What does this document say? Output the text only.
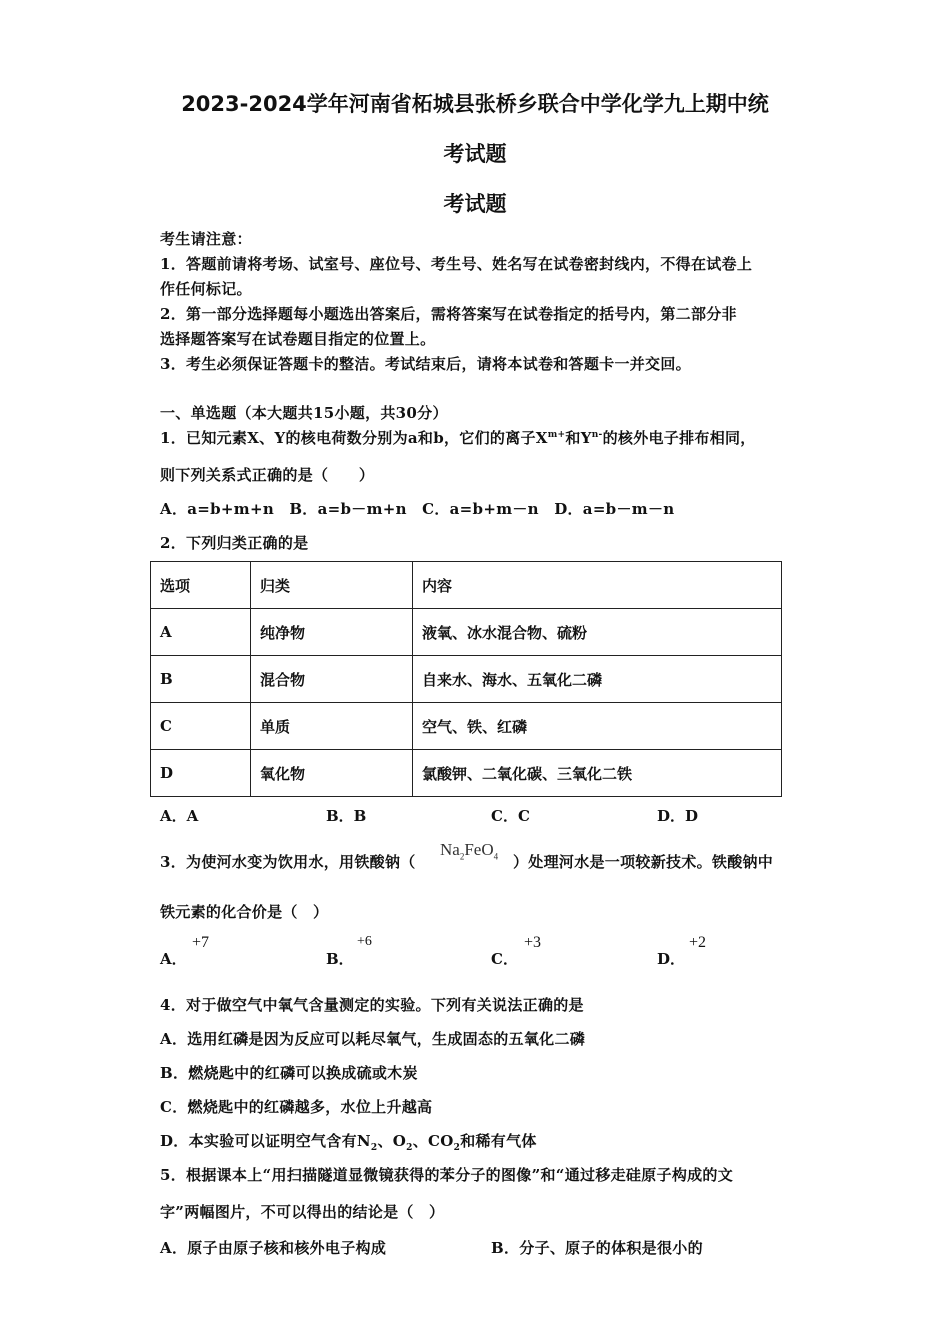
2023-2024学年河南省柘城县张桥乡联合中学化学九上期中统
考试题
考试题
考生请注意：
1．答题前请将考场、试室号、座位号、考生号、姓名写在试卷密封线内，不得在试卷上
作任何标记。
2．第一部分选择题每小题选出答案后，需将答案写在试卷指定的括号内，第二部分非
选择题答案写在试卷题目指定的位置上。
3．考生必须保证答题卡的整洁。考试结束后，请将本试卷和答题卡一并交回。
一、单选题（本大题共15小题，共30分）
1．已知元素X、Y的核电荷数分别为a和b，它们的离子$X^{m+}$和$Y^{n-}$的核外电子排布相同，
则下列关系式正确的是（　　）
A．a=b+m+n　B．a=b－m+n　C．a=b+m－n　D．a=b－m－n
2．下列归类正确的是
选项	归类	内容
A	纯净物	液氧、冰水混合物、硫粉
B	混合物	自来水、海水、五氧化二磷
C	单质	空气、铁、红磷
D	氧化物	氯酸钾、二氧化碳、三氧化二铁
A．A	B．B	C．C	D．D
3．为使河水变为饮用水，用铁酸钠（
$Na_2FeO_4$ ）处理河水是一项较新技术。铁酸钠中
铁元素的化合价是（　）
A．
+7
B．
+6
C．
+3
D．
+2
4．对于做空气中氧气含量测定的实验。下列有关说法正确的是
A．选用红磷是因为反应可以耗尽氧气，生成固态的五氧化二磷
B．燃烧匙中的红磷可以换成硫或木炭
C．燃烧匙中的红磷越多，水位上升越高
D．本实验可以证明空气含有$N_2$、$O_2$、$CO_2$和稀有气体
5．根据课本上“用扫描隧道显微镜获得的苯分子的图像”和“通过移走硅原子构成的文
字”两幅图片，不可以得出的结论是（　）
A．原子由原子核和核外电子构成	B．分子、原子的体积是很小的
